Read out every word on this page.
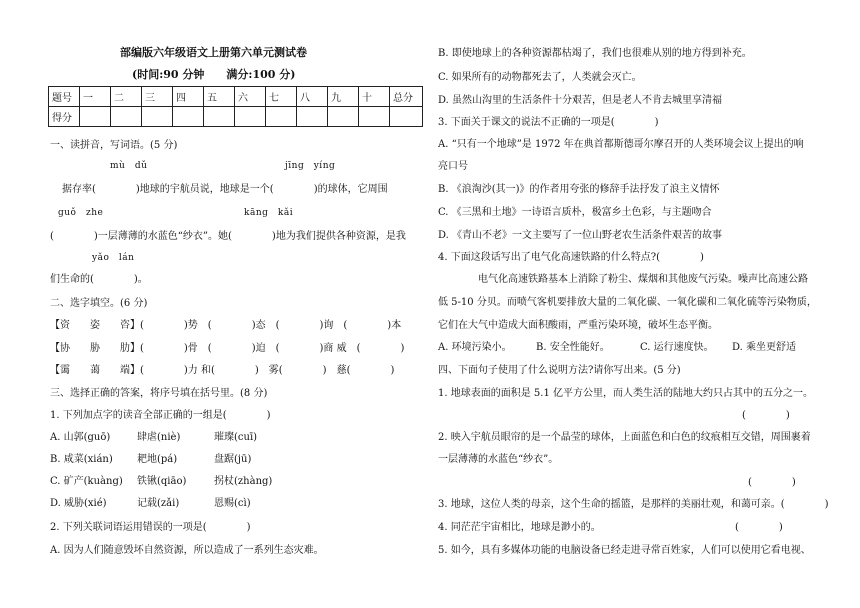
部编版六年级语文上册第六单元测试卷
(时间:90 分钟　　满分:100 分)
题号	一	二	三	四	五	六	七	八	九	十	总分
得分											
一、读拼音，写词语。(5 分)
mù　dǔ	jīng　yíng
据存率(　　　　)地球的宇航员说，地球是一个(　　　　)的球体，它周围
guǒ　zhe	kāng　kǎi
(　　　　)一层薄薄的水蓝色“纱衣”。她(　　　　)地为我们提供各种资源，是我
yǎo　lán
们生命的(　　　　)。
二、选字填空。(6 分)
【资　　姿　　咨】(　　　　)势　(　　　　)态　(　　　　)询　(　　　　)本
【协　　胁　　肋】(　　　　)骨　(　　　　)迫　(　　　　)商 威　(　　　　)
【霭　　蔼　　端】(　　　　)力 和(　　　　)　雾(　　　　)　慈(　　　　)
三、选择正确的答案，将序号填在括号里。(8 分)
1. 下列加点字的读音全部正确的一组是(　　　　)
A. 山郭(guō)	肆虐(niè)	璀璨(cuī)
B. 咸菜(xián) 耙地(pá)	盘踞(jū)
C. 矿产(kuàng) 铁锹(qiāo)	拐杖(zhàng)
D. 威胁(xié)	记载(zǎi)	恩赐(cì)
2. 下列关联词语运用错误的一项是(　　　　)
A. 因为人们随意毁坏自然资源，所以造成了一系列生态灾难。
B. 即使地球上的各种资源都枯竭了，我们也很难从别的地方得到补充。
C. 如果所有的动物都死去了，人类就会灭亡。
D. 虽然山沟里的生活条件十分艰苦，但是老人不肯去城里享清福
3. 下面关于课文的说法不正确的一项是(　　　　)
A. “只有一个地球”是 1972 年在典首都斯德哥尔摩召开的人类环境会议上提出的响
亮口号
B. 《浪淘沙(其一)》的作者用夸张的修辞手法抒发了浪主义情怀
C. 《三黑和土地》一诗语言质朴，极富乡土色彩，与主题吻合
D. 《青山不老》一文主要写了一位山野老农生活条件艰苦的故事
4. 下面这段话写出了电气化高速铁路的什么特点?(　　　　)
电气化高速铁路基本上消除了粉尘、煤烟和其他废气污染。噪声比高速公路
低 5-10 分贝。而喷气客机要排放大量的二氧化碳、一氧化碳和二氧化硫等污染物质，
它们在大气中造成大面积酸雨，严重污染环境，破坏生态平衡。
A. 环境污染小。 B. 安全性能好。	C. 运行速度快。 D. 乘坐更舒适
四、下面句子使用了什么说明方法?请你写出来。(5 分)
1. 地球表面的面积是 5.1 亿平方公里，而人类生活的陆地大约只占其中的五分之一。
(　　　　)
2. 映入宇航员眼帘的是一个晶莹的球体，上面蓝色和白色的纹痕相互交错，周围裹着
一层薄薄的水蓝色“纱衣”。
(　　　　)
3. 地球，这位人类的母亲，这个生命的摇篮，是那样的美丽壮观，和蔼可亲。(　　　　)
4. 同茫茫宇宙相比，地球是渺小的。	(　　　　)
5. 如今，具有多媒体功能的电脑设备已经走进寻常百姓家，人们可以使用它看电视、
